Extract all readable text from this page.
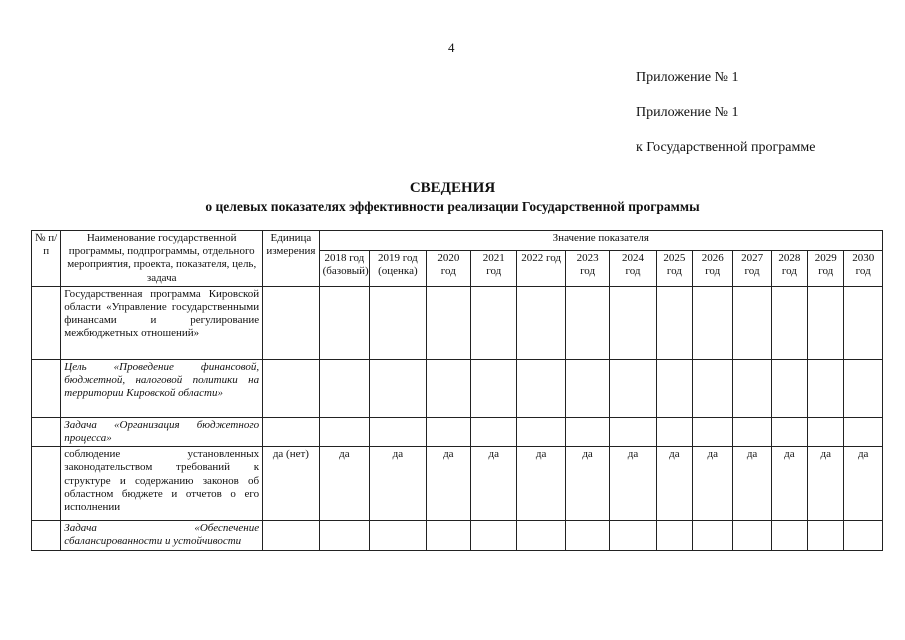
4
Приложение № 1
Приложение № 1
к Государственной программе
СВЕДЕНИЯ
о целевых показателях эффективности реализации Государственной программы
№ п/п	Наименование государственной программы, подпрограммы, отдельного мероприятия, проекта, показателя, цель, задача	Единица измерения	Значение показателя												
			2018 год (базовый)	2019 год (оценка)	2020 год	2021 год	2022 год	2023 год	2024 год	2025 год	2026 год	2027 год	2028 год	2029 год	2030 год
	Государственная программа Кировской области «Управление государственными финансами и регулирование межбюджетных отношений»														
	Цель «Проведение финансовой, бюджетной, налоговой политики на территории Кировской области»														
	Задача «Организация бюджетного процесса»														
	соблюдение установленных законодательством требований к структуре и содержанию законов об областном бюджете и отчетов о его исполнении	да (нет)	да	да	да	да	да	да	да	да	да	да	да	да	да
	Задача «Обеспечение сбалансированности и устойчивости														
